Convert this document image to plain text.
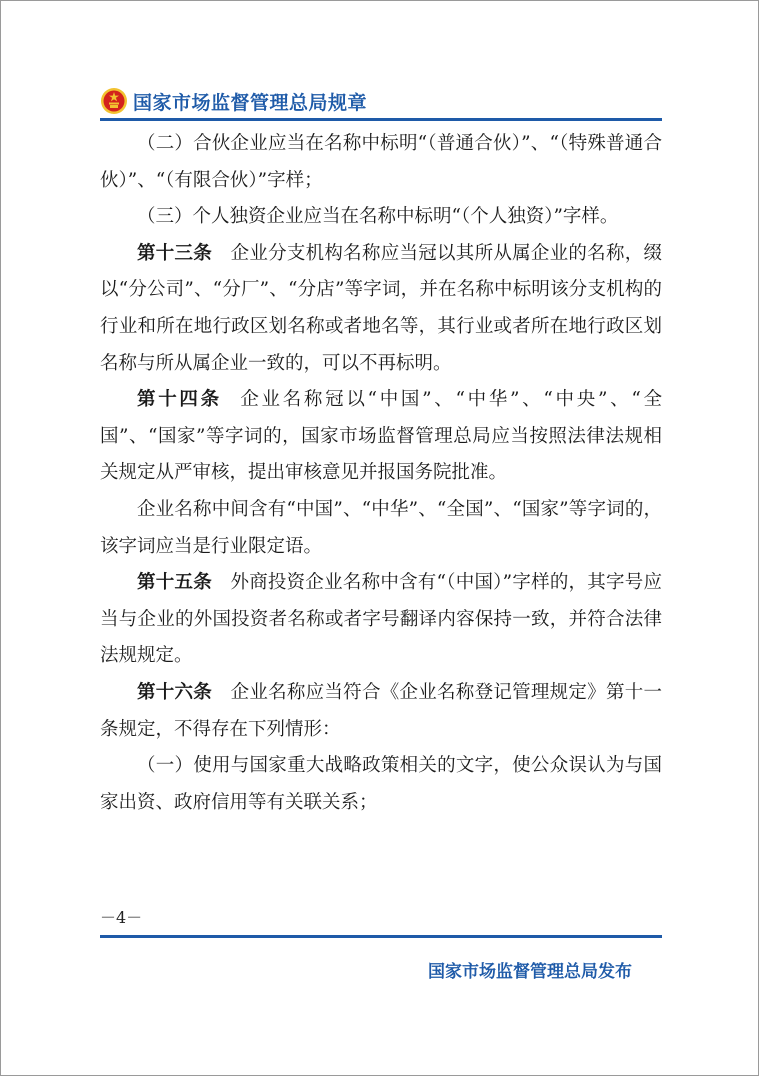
国家市场监督管理总局规章

（二）合伙企业应当在名称中标明“（普通合伙）”、“（特殊普通合伙）”、“（有限合伙）”字样；

（三）个人独资企业应当在名称中标明“（个人独资）”字样。

第十三条 企业分支机构名称应当冠以其所从属企业的名称，缀以“分公司”、“分厂”、“分店”等字词，并在名称中标明该分支机构的行业和所在地行政区划名称或者地名等，其行业或者所在地行政区划名称与所从属企业一致的，可以不再标明。

第十四条 企业名称冠以“中国”、“中华”、“中央”、“全国”、“国家”等字词的，国家市场监督管理总局应当按照法律法规相关规定从严审核，提出审核意见并报国务院批准。

企业名称中间含有“中国”、“中华”、“全国”、“国家”等字词的，该字词应当是行业限定语。

第十五条 外商投资企业名称中含有“（中国）”字样的，其字号应当与企业的外国投资者名称或者字号翻译内容保持一致，并符合法律法规规定。

第十六条 企业名称应当符合《企业名称登记管理规定》第十一条规定，不得存在下列情形：

（一）使用与国家重大战略政策相关的文字，使公众误认为与国家出资、政府信用等有关联关系；

－4－
国家市场监督管理总局发布
